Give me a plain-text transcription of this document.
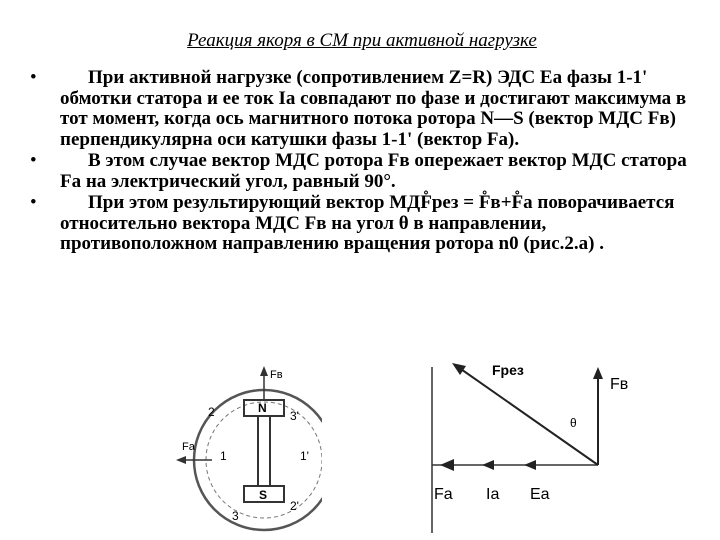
Реакция якоря в СМ при активной нагрузке
•	При активной нагрузке (сопротивлением Z=R) ЭДС Еа фазы 1-1' обмотки статора и ее ток Iа совпадают по фазе и достигают максимума в тот момент, когда ось магнитного потока ротора N—S (вектор МДС Fв) перпендикулярна оси катушки фазы 1-1' (вектор Fа).
•	В этом случае вектор МДС ротора Fв опережает вектор МДС статора Fа на электрический угол, равный 90°.
•	При этом результирующий вектор МДF̊рез = F̊в+F̊а поворачивается относительно вектора МДС Fв на угол θ в направлении, противоположном направлению вращения ротора n0 (рис.2.а) .
Fв
Fa
N
S
2
1	1'
3
3'
2'
Fрез
Fв
θ
Fa Ia Ea
